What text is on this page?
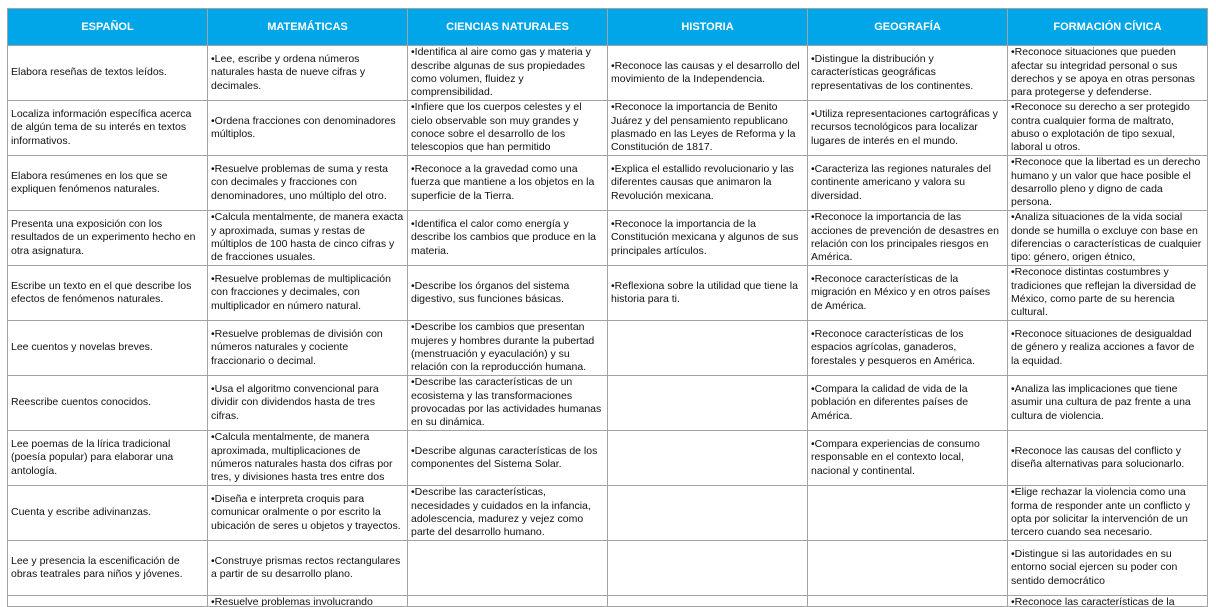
ESPAÑOL	MATEMÁTICAS	CIENCIAS NATURALES	HISTORIA	GEOGRAFÍA	FORMACIÓN CÍVICA

Elabora reseñas de textos leídos.	•Lee, escribe y ordena números naturales hasta de nueve cifras y decimales.	•Identifica al aire como gas y materia y describe algunas de sus propiedades como volumen, fluidez y comprensibilidad.	•Reconoce las causas y el desarrollo del movimiento de la Independencia.	•Distingue la distribución y características geográficas representativas de los continentes.	•Reconoce situaciones que pueden afectar su integridad personal o sus derechos y se apoya en otras personas para protegerse y defenderse.

Localiza información específica acerca de algún tema de su interés en textos informativos.	•Ordena fracciones con denominadores múltiplos.	•Infiere que los cuerpos celestes y el cielo observable son muy grandes y conoce sobre el desarrollo de los telescopios que han permitido	•Reconoce la importancia de Benito Juárez y del pensamiento republicano plasmado en las Leyes de Reforma y la Constitución de 1817.	•Utiliza representaciones cartográficas y recursos tecnológicos para localizar lugares de interés en el mundo.	•Reconoce su derecho a ser protegido contra cualquier forma de maltrato, abuso o explotación de tipo sexual, laboral u otros.

Elabora resúmenes en los que se expliquen fenómenos naturales.	•Resuelve problemas de suma y resta con decimales y fracciones con denominadores, uno múltiplo del otro.	•Reconoce a la gravedad como una fuerza que mantiene a los objetos en la superficie de la Tierra.	•Explica el estallido revolucionario y las diferentes causas que animaron la Revolución mexicana.	•Caracteriza las regiones naturales del continente americano y valora su diversidad.	•Reconoce que la libertad es un derecho humano y un valor que hace posible el desarrollo pleno y digno de cada persona.

Presenta una exposición con los resultados de un experimento hecho en otra asignatura.	•Calcula mentalmente, de manera exacta y aproximada, sumas y restas de múltiplos de 100 hasta de cinco cifras y de fracciones usuales.	•Identifica el calor como energía y describe los cambios que produce en la materia.	•Reconoce la importancia de la Constitución mexicana y algunos de sus principales artículos.	•Reconoce la importancia de las acciones de prevención de desastres en relación con los principales riesgos en América.	•Analiza situaciones de la vida social donde se humilla o excluye con base en diferencias o características de cualquier tipo: género, origen étnico,

Escribe un texto en el que describe los efectos de fenómenos naturales.	•Resuelve problemas de multiplicación con fracciones y decimales, con multiplicador en número natural.	•Describe los órganos del sistema digestivo, sus funciones básicas.	•Reflexiona sobre la utilidad que tiene la historia para ti.	•Reconoce características de la migración en México y en otros países de América.	•Reconoce distintas costumbres y tradiciones que reflejan la diversidad de México, como parte de su herencia cultural.

Lee cuentos y novelas breves.	•Resuelve problemas de división con números naturales y cociente fraccionario o decimal.	•Describe los cambios que presentan mujeres y hombres durante la pubertad (menstruación y eyaculación) y su relación con la reproducción humana.		•Reconoce características de los espacios agrícolas, ganaderos, forestales y pesqueros en América.	•Reconoce situaciones de desigualdad de género y realiza acciones a favor de la equidad.

Reescribe cuentos conocidos.	•Usa el algoritmo convencional para dividir con dividendos hasta de tres cifras.	•Describe las características de un ecosistema y las transformaciones provocadas por las actividades humanas en su dinámica.		•Compara la calidad de vida de la población en diferentes países de América.	•Analiza las implicaciones que tiene asumir una cultura de paz frente a una cultura de violencia.

Lee poemas de la lírica tradicional (poesía popular) para elaborar una antología.	•Calcula mentalmente, de manera aproximada, multiplicaciones de números naturales hasta dos cifras por tres, y divisiones hasta tres entre dos	•Describe algunas características de los componentes del Sistema Solar.		•Compara experiencias de consumo responsable en el contexto local, nacional y continental.	•Reconoce las causas del conflicto y diseña alternativas para solucionarlo.

Cuenta y escribe adivinanzas.	•Diseña e interpreta croquis para comunicar oralmente o por escrito la ubicación de seres u objetos y trayectos.	•Describe las características, necesidades y cuidados en la infancia, adolescencia, madurez y vejez como parte del desarrollo humano.			•Elige rechazar la violencia como una forma de responder ante un conflicto y opta por solicitar la intervención de un tercero cuando sea necesario.

Lee y presencia la escenificación de obras teatrales para niños y jóvenes.	•Construye prismas rectos rectangulares a partir de su desarrollo plano.				•Distingue si las autoridades en su entorno social ejercen su poder con sentido democrático

	•Resuelve problemas involucrando				•Reconoce las características de la
